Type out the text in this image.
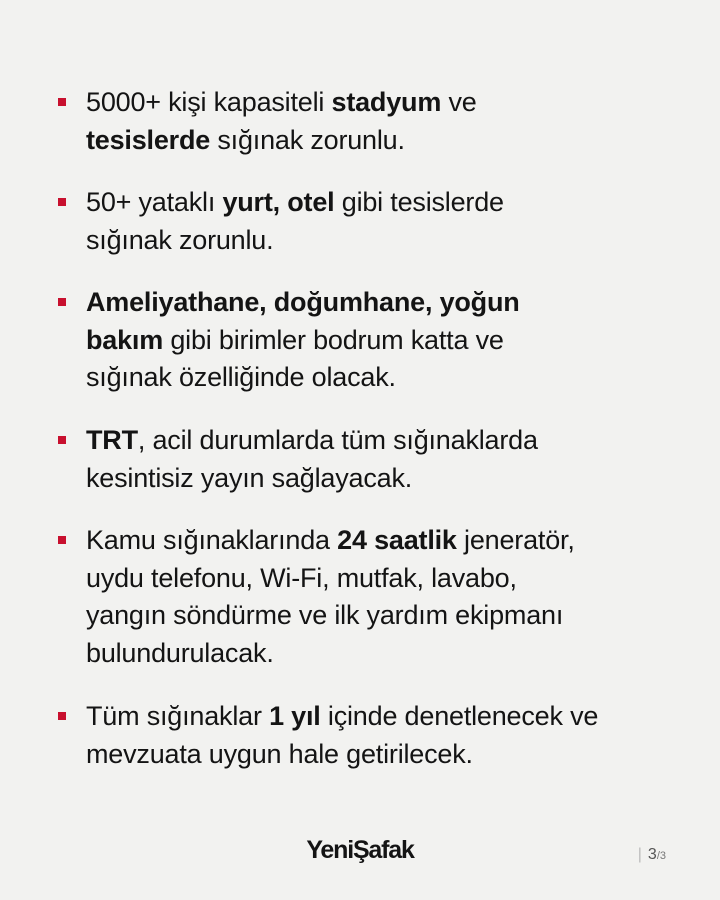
5000+ kişi kapasiteli stadyum ve
tesislerde sığınak zorunlu.
50+ yataklı yurt, otel gibi tesislerde
sığınak zorunlu.
Ameliyathane, doğumhane, yoğun
bakım gibi birimler bodrum katta ve
sığınak özelliğinde olacak.
TRT, acil durumlarda tüm sığınaklarda
kesintisiz yayın sağlayacak.
Kamu sığınaklarında 24 saatlik jeneratör,
uydu telefonu, Wi-Fi, mutfak, lavabo,
yangın söndürme ve ilk yardım ekipmanı
bulundurulacak.
Tüm sığınaklar 1 yıl içinde denetlenecek ve
mevzuata uygun hale getirilecek.
YeniŞafak	| 3/3
